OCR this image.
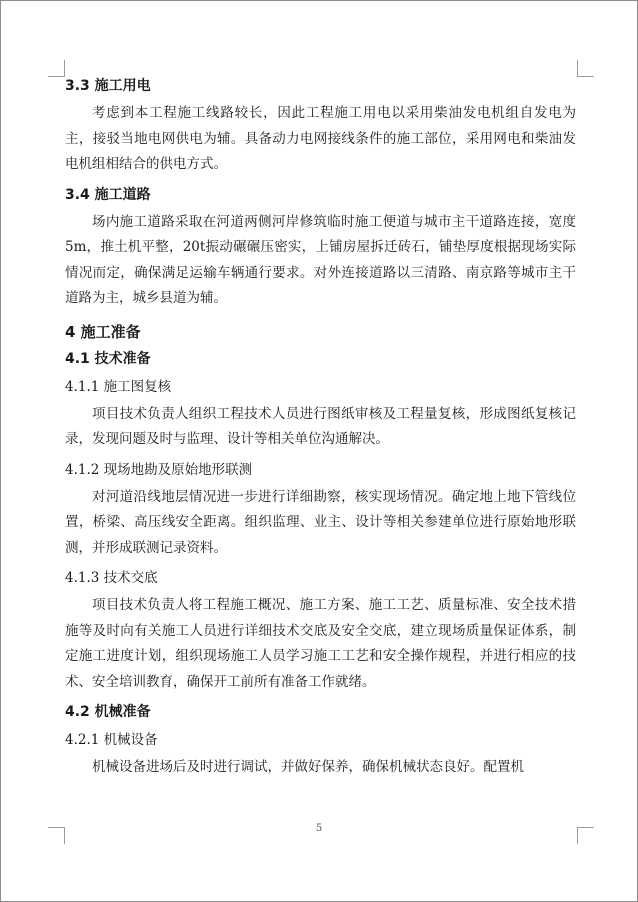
3.3 施工用电

考虑到本工程施工线路较长，因此工程施工用电以采用柴油发电机组自发电为主，接驳当地电网供电为辅。具备动力电网接线条件的施工部位，采用网电和柴油发电机组相结合的供电方式。

3.4 施工道路

场内施工道路采取在河道两侧河岸修筑临时施工便道与城市主干道路连接，宽度5m，推土机平整，20t振动碾碾压密实，上铺房屋拆迁砖石，铺垫厚度根据现场实际情况而定，确保满足运输车辆通行要求。对外连接道路以三清路、南京路等城市主干道路为主，城乡县道为辅。

4 施工准备
4.1 技术准备
4.1.1 施工图复核

项目技术负责人组织工程技术人员进行图纸审核及工程量复核，形成图纸复核记录，发现问题及时与监理、设计等相关单位沟通解决。

4.1.2 现场地勘及原始地形联测

对河道沿线地层情况进一步进行详细勘察，核实现场情况。确定地上地下管线位置，桥梁、高压线安全距离。组织监理、业主、设计等相关参建单位进行原始地形联测，并形成联测记录资料。

4.1.3 技术交底

项目技术负责人将工程施工概况、施工方案、施工工艺、质量标准、安全技术措施等及时向有关施工人员进行详细技术交底及安全交底，建立现场质量保证体系，制定施工进度计划，组织现场施工人员学习施工工艺和安全操作规程，并进行相应的技术、安全培训教育，确保开工前所有准备工作就绪。

4.2 机械准备
4.2.1 机械设备

机械设备进场后及时进行调试，并做好保养，确保机械状态良好。配置机

5
